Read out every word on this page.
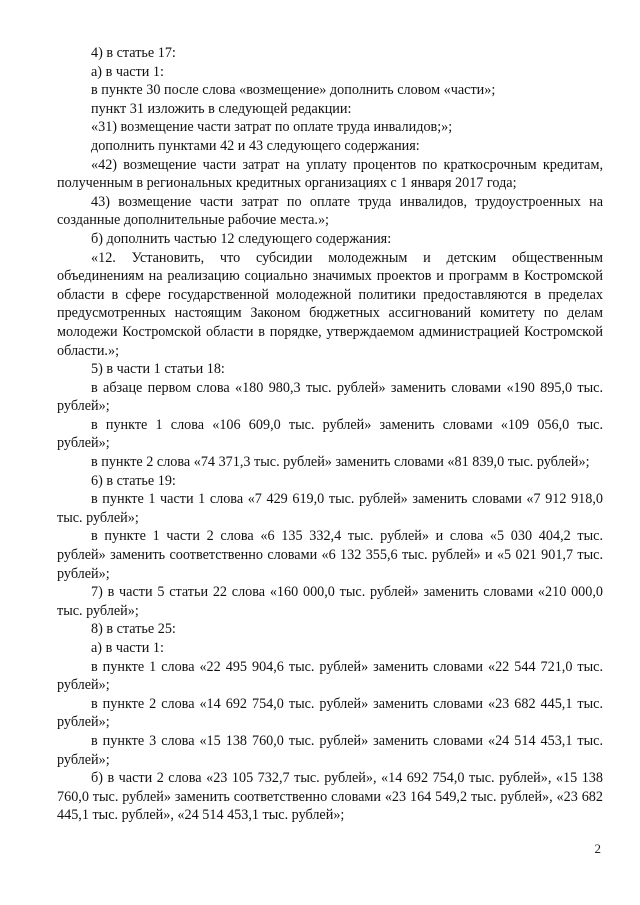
4) в статье 17:

а) в части 1:

в пункте 30 после слова «возмещение» дополнить словом «части»;

пункт 31 изложить в следующей редакции:

«31) возмещение части затрат по оплате труда инвалидов;»;

дополнить пунктами 42 и 43 следующего содержания:

«42) возмещение части затрат на уплату процентов по краткосрочным кредитам, полученным в региональных кредитных организациях с 1 января 2017 года;

43) возмещение части затрат по оплате труда инвалидов, трудоустроенных на созданные дополнительные рабочие места.»;

б) дополнить частью 12 следующего содержания:

«12. Установить, что субсидии молодежным и детским общественным объединениям на реализацию социально значимых проектов и программ в Костромской области в сфере государственной молодежной политики предоставляются в пределах предусмотренных настоящим Законом бюджетных ассигнований комитету по делам молодежи Костромской области в порядке, утверждаемом администрацией Костромской области.»;

5) в части 1 статьи 18:

в абзаце первом слова «180 980,3 тыс. рублей» заменить словами «190 895,0 тыс. рублей»;

в пункте 1 слова «106 609,0 тыс. рублей» заменить словами «109 056,0 тыс. рублей»;

в пункте 2 слова «74 371,3 тыс. рублей» заменить словами «81 839,0 тыс. рублей»;

6) в статье 19:

в пункте 1 части 1 слова «7 429 619,0 тыс. рублей» заменить словами «7 912 918,0 тыс. рублей»;

в пункте 1 части 2 слова «6 135 332,4 тыс. рублей» и слова «5 030 404,2 тыс. рублей» заменить соответственно словами «6 132 355,6 тыс. рублей» и «5 021 901,7 тыс. рублей»;

7) в части 5 статьи 22 слова «160 000,0 тыс. рублей» заменить словами «210 000,0 тыс. рублей»;

8) в статье 25:

а) в части 1:

в пункте 1 слова «22 495 904,6 тыс. рублей» заменить словами «22 544 721,0 тыс. рублей»;

в пункте 2 слова «14 692 754,0 тыс. рублей» заменить словами «23 682 445,1 тыс. рублей»;

в пункте 3 слова «15 138 760,0 тыс. рублей» заменить словами «24 514 453,1 тыс. рублей»;

б) в части 2 слова «23 105 732,7 тыс. рублей», «14 692 754,0 тыс. рублей», «15 138 760,0 тыс. рублей» заменить соответственно словами «23 164 549,2 тыс. рублей», «23 682 445,1 тыс. рублей», «24 514 453,1 тыс. рублей»;

2
